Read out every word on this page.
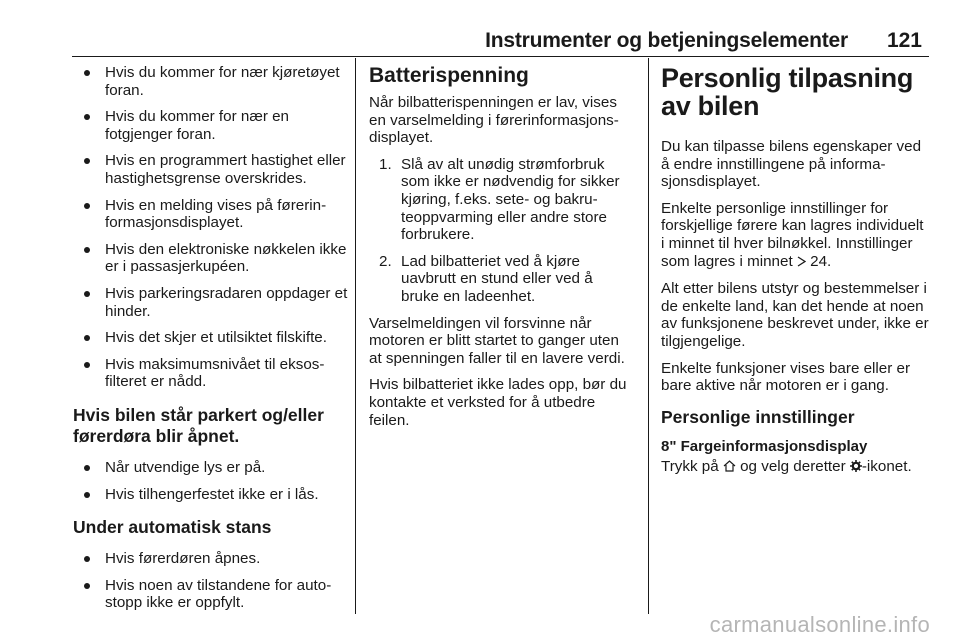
Instrumenter og betjeningselementer 121
Hvis du kommer for nær kjøretøyet foran.
Hvis du kommer for nær en fotgjenger foran.
Hvis en programmert hastighet eller hastighetsgrense overskrides.
Hvis en melding vises på førerinformasjonsdisplayet.
Hvis den elektroniske nøkkelen ikke er i passasjerkupéen.
Hvis parkeringsradaren oppdager et hinder.
Hvis det skjer et utilsiktet filskifte.
Hvis maksimumsnivået til eksosfilteret er nådd.
Hvis bilen står parkert og/eller førerdøra blir åpnet.
Når utvendige lys er på.
Hvis tilhengerfestet ikke er i lås.
Under automatisk stans
Hvis førerdøren åpnes.
Hvis noen av tilstandene for autostopp ikke er oppfylt.
Batterispenning

Når bilbatterispenningen er lav, vises en varselmelding i førerinformasjonsdisplayet.

1. Slå av alt unødig strømforbruk som ikke er nødvendig for sikker kjøring, f.eks. sete- og bakruteoppvarming eller andre store forbrukere.
2. Lad bilbatteriet ved å kjøre uavbrutt en stund eller ved å bruke en ladeenhet.

Varselmeldingen vil forsvinne når motoren er blitt startet to ganger uten at spenningen faller til en lavere verdi.

Hvis bilbatteriet ikke lades opp, bør du kontakte et verksted for å utbedre feilen.

Personlig tilpasning av bilen

Du kan tilpasse bilens egenskaper ved å endre innstillingene på informasjonsdisplayet.

Enkelte personlige innstillinger for forskjellige førere kan lagres individuelt i minnet til hver bilnøkkel. Innstillinger som lagres i minnet  24.

Alt etter bilens utstyr og bestemmelser i de enkelte land, kan det hende at noen av funksjonene beskrevet under, ikke er tilgjengelige.

Enkelte funksjoner vises bare eller er bare aktive når motoren er i gang.

Personlige innstillinger
8" Fargeinformasjonsdisplay

Trykk på  og velg deretter -ikonet.

carmanualsonline.info
